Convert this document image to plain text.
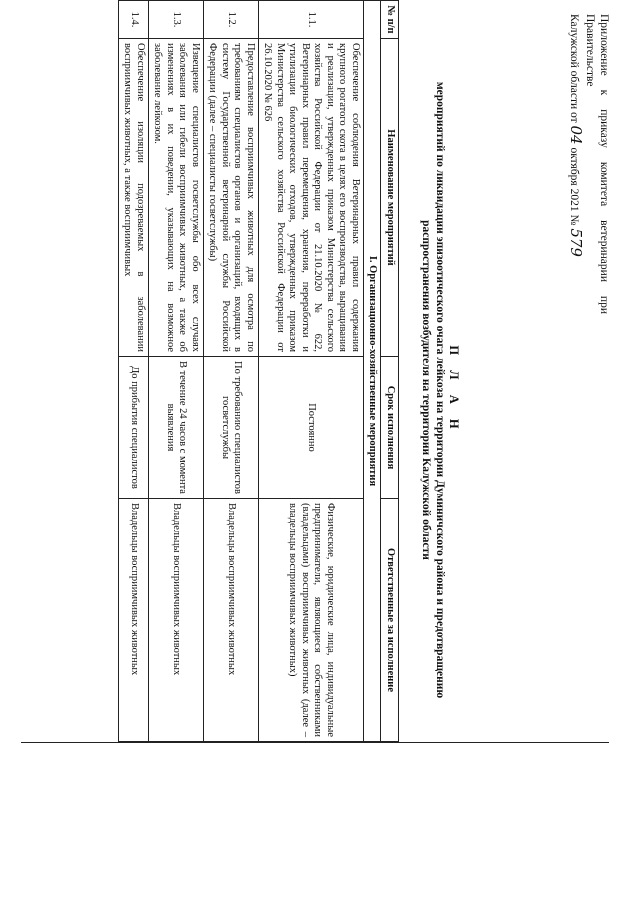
Приложение к приказу комитета ветеринарии при Правительстве
Калужской области от 04 октября 2021 № 579
П Л А Н
мероприятий по ликвидации эпизоотического очага лейкоза на территории Думиничского района и предотвращению распространения возбудителя на территории Калужской области
№ п/п	Наименование мероприятий	Срок исполнения	Ответственные за исполнение
I. Организационно-хозяйственные мероприятия			
1.1.	Обеспечение соблюдения Ветеринарных правил содержания крупного рогатого скота в целях его воспроизводства, выращивания и реализации, утвержденных приказом Министерства сельского хозяйства Российской Федерации от 21.10.2020 № 622, Ветеринарных правил перемещения, хранения, переработки и утилизации биологических отходов, утвержденных приказом Министерства сельского хозяйства Российской Федерации от 26.10.2020 № 626	Постоянно	Физические, юридические лица, индивидуальные предприниматели, являющиеся собственниками (владельцами) восприимчивых животных (далее – владельцы восприимчивых животных)
1.2.	Предоставление восприимчивых животных для осмотра по требованиям специалистов органов и организаций, входящих в систему Государственной ветеринарной службы Российской Федерации (далее – специалисты госветслужбы)	По требованию специалистов госветслужбы	Владельцы восприимчивых животных
1.3.	Извещение специалистов госветслужбы обо всех случаях заболевания или гибели восприимчивых животных, а также об изменениях в их поведении, указывающих на возможное заболевание лейкозом.	В течение 24 часов с момента выявления	Владельцы восприимчивых животных
1.4.	Обеспечение изоляции подозреваемых в заболевании восприимчивых животных, а также восприимчивых	До прибытия специалистов	Владельцы восприимчивых животных
